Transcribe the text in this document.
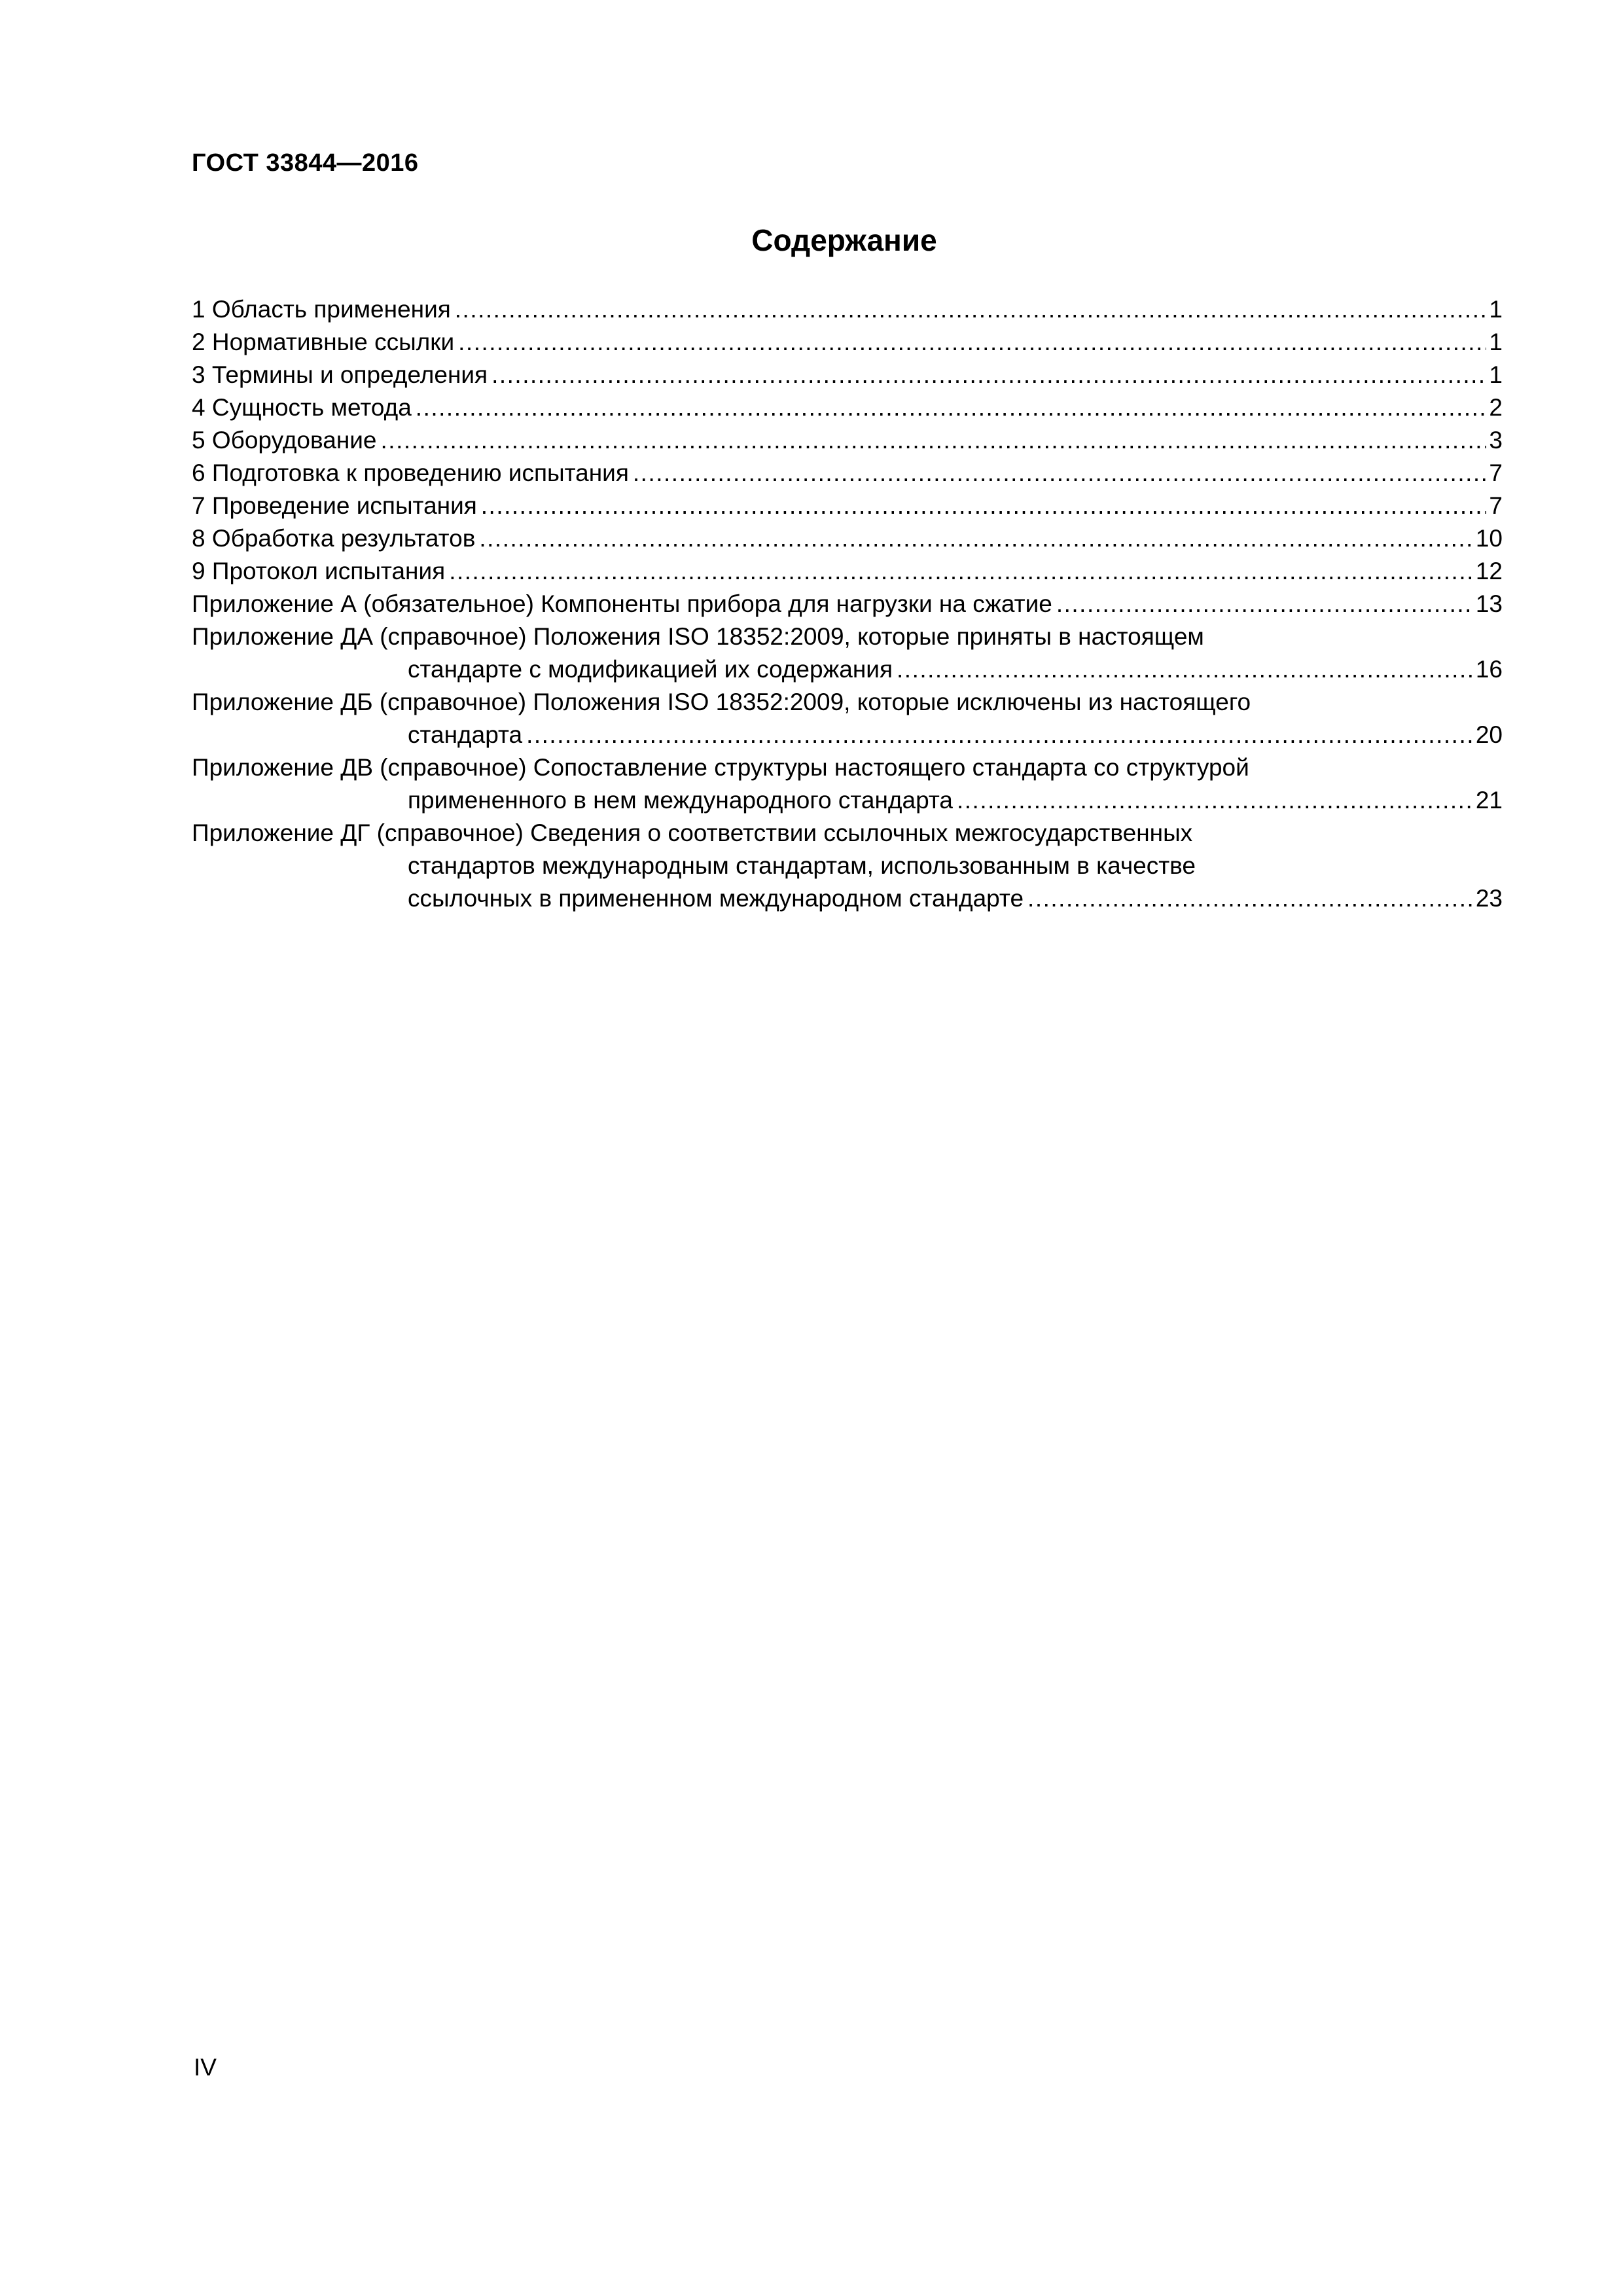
ГОСТ 33844—2016
Содержание
1 Область применения .....	1
2 Нормативные ссылки .....	1
3 Термины и определения .....	1
4 Сущность метода .....	2
5 Оборудование .....	3
6 Подготовка к проведению испытания .....	7
7 Проведение испытания .....	7
8 Обработка результатов .....	10
9 Протокол испытания .....	12
Приложение А (обязательное) Компоненты прибора для нагрузки на сжатие .....	13
Приложение ДА (справочное) Положения ISO 18352:2009, которые приняты в настоящем
стандарте с модификацией их содержания .....	16
Приложение ДБ (справочное) Положения ISO 18352:2009, которые исключены из настоящего
стандарта .....	20
Приложение ДВ (справочное) Сопоставление структуры настоящего стандарта со структурой
примененного в нем международного стандарта .....	21
Приложение ДГ (справочное) Сведения о соответствии ссылочных межгосударственных
стандартов международным стандартам, использованным в качестве
ссылочных в примененном международном стандарте .....	23
IV
